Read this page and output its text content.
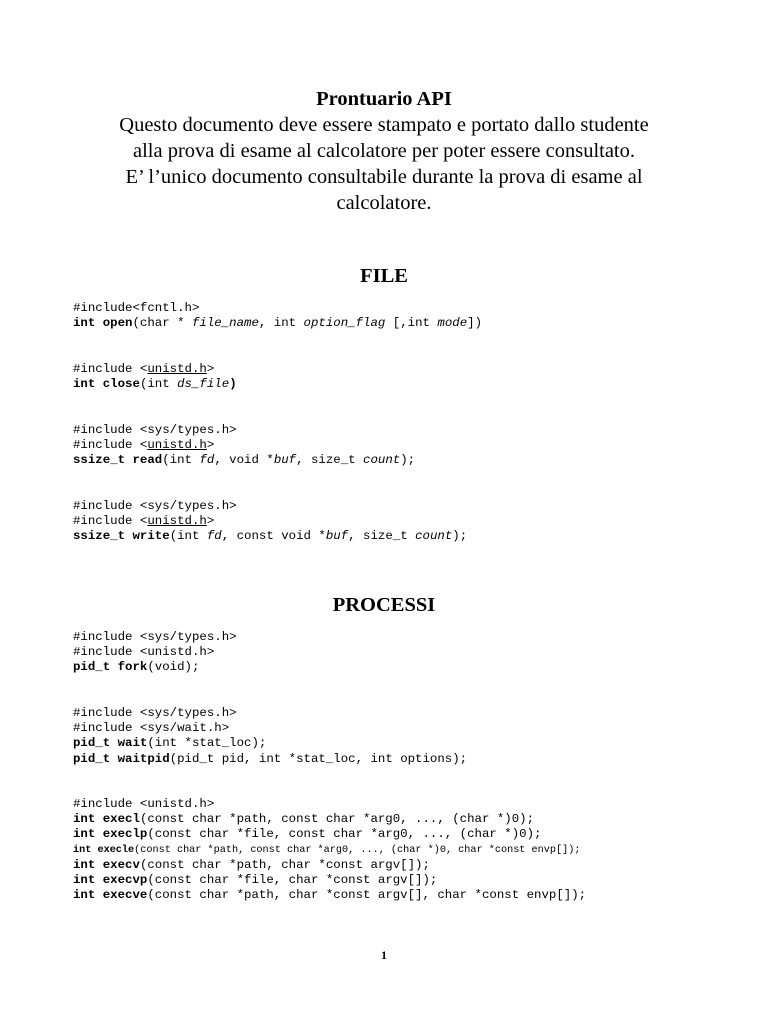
Prontuario API
Questo documento deve essere stampato e portato dallo studente
alla prova di esame al calcolatore per poter essere consultato.
E’ l’unico documento consultabile durante la prova di esame al
calcolatore.
FILE
#include<fcntl.h>
int open(char * file_name, int option_flag [,int mode])
#include <unistd.h>
int close(int ds_file)
#include <sys/types.h>
#include <unistd.h>
ssize_t read(int fd, void *buf, size_t count);
#include <sys/types.h>
#include <unistd.h>
ssize_t write(int fd, const void *buf, size_t count);
PROCESSI
#include <sys/types.h>
#include <unistd.h>
pid_t fork(void);
#include <sys/types.h>
#include <sys/wait.h>
pid_t wait(int *stat_loc);
pid_t waitpid(pid_t pid, int *stat_loc, int options);
#include <unistd.h>
int execl(const char *path, const char *arg0, ..., (char *)0);
int execlp(const char *file, const char *arg0, ..., (char *)0);
int execle(const char *path, const char *arg0, ..., (char *)0, char *const envp[]);
int execv(const char *path, char *const argv[]);
int execvp(const char *file, char *const argv[]);
int execve(const char *path, char *const argv[], char *const envp[]);
1
